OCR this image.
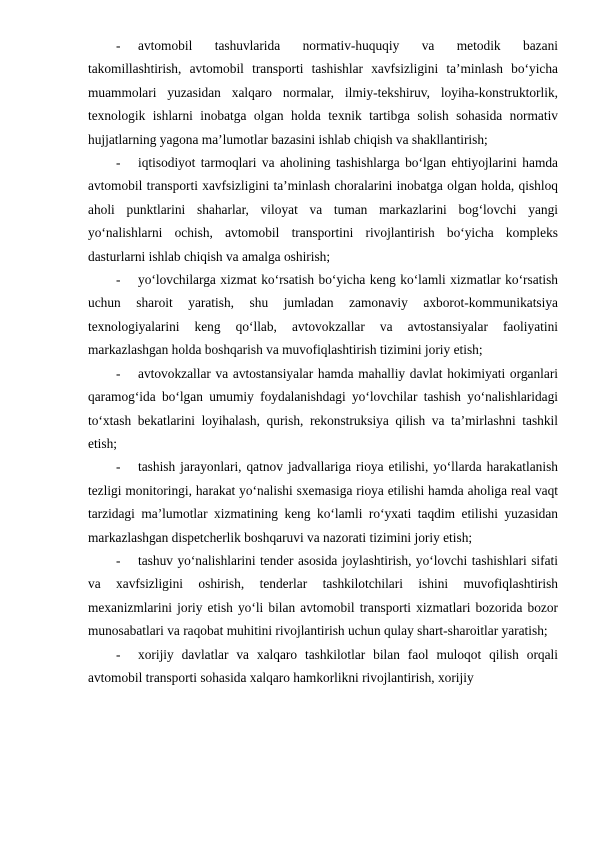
- avtomobil tashuvlarida normativ-huquqiy va metodik bazani takomillashtirish, avtomobil transporti tashishlar xavfsizligini ta’minlash bo‘yicha muammolari yuzasidan xalqaro normalar, ilmiy-tekshiruv, loyiha-konstruktorlik, texnologik ishlarni inobatga olgan holda texnik tartibga solish sohasida normativ hujjatlarning yagona ma’lumotlar bazasini ishlab chiqish va shakllantirish;

- iqtisodiyot tarmoqlari va aholining tashishlarga bo‘lgan ehtiyojlarini hamda avtomobil transporti xavfsizligini ta’minlash choralarini inobatga olgan holda, qishloq aholi punktlarini shaharlar, viloyat va tuman markazlarini bog‘lovchi yangi yo‘nalishlarni ochish, avtomobil transportini rivojlantirish bo‘yicha kompleks dasturlarni ishlab chiqish va amalga oshirish;

- yo‘lovchilarga xizmat ko‘rsatish bo‘yicha keng ko‘lamli xizmatlar ko‘rsatish uchun sharoit yaratish, shu jumladan zamonaviy axborot-kommunikatsiya texnologiyalarini keng qo‘llab, avtovokzallar va avtostansiyalar faoliyatini markazlashgan holda boshqarish va muvofiqlashtirish tizimini joriy etish;

- avtovokzallar va avtostansiyalar hamda mahalliy davlat hokimiyati organlari qaramog‘ida bo‘lgan umumiy foydalanishdagi yo‘lovchilar tashish yo‘nalishlaridagi to‘xtash bekatlarini loyihalash, qurish, rekonstruksiya qilish va ta’mirlashni tashkil etish;

- tashish jarayonlari, qatnov jadvallariga rioya etilishi, yo‘llarda harakatlanish tezligi monitoringi, harakat yo‘nalishi sxemasiga rioya etilishi hamda aholiga real vaqt tarzidagi ma’lumotlar xizmatining keng ko‘lamli ro‘yxati taqdim etilishi yuzasidan markazlashgan dispetcherlik boshqaruvi va nazorati tizimini joriy etish;

- tashuv yo‘nalishlarini tender asosida joylashtirish, yo‘lovchi tashishlari sifati va xavfsizligini oshirish, tenderlar tashkilotchilari ishini muvofiqlashtirish mexanizmlarini joriy etish yo‘li bilan avtomobil transporti xizmatlari bozorida bozor munosabatlari va raqobat muhitini rivojlantirish uchun qulay shart-sharoitlar yaratish;

- xorijiy davlatlar va xalqaro tashkilotlar bilan faol muloqot qilish orqali avtomobil transporti sohasida xalqaro hamkorlikni rivojlantirish, xorijiy
